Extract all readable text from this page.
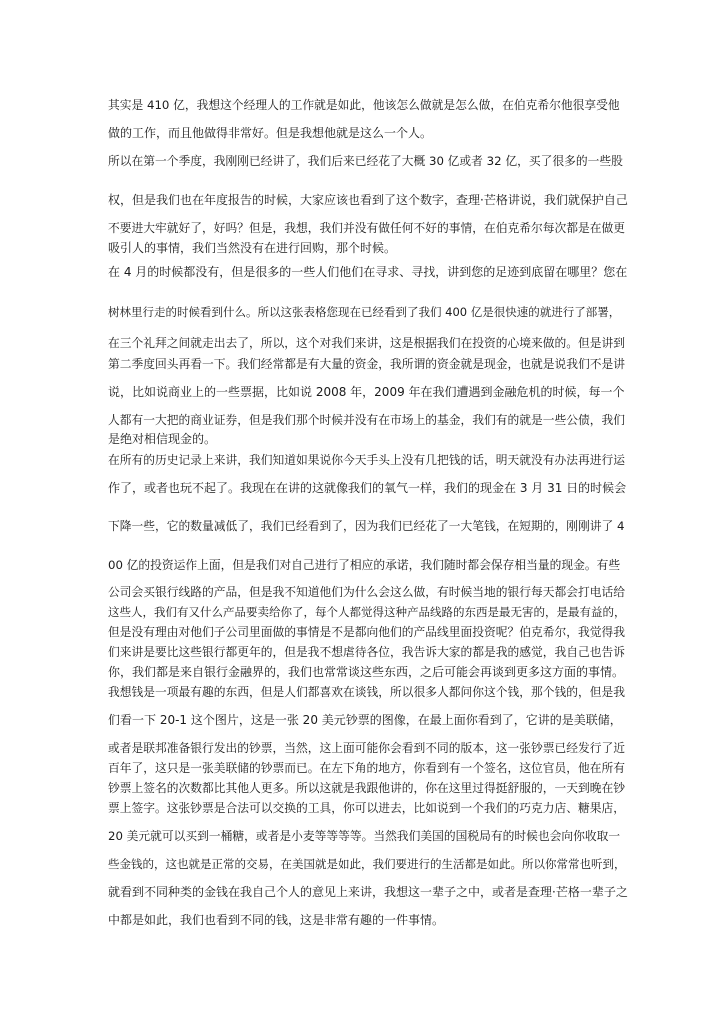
其实是 410 亿，我想这个经理人的工作就是如此，他该怎么做就是怎么做，在伯克希尔他很享受他

做的工作，而且他做得非常好。但是我想他就是这么一个人。

所以在第一个季度，我刚刚已经讲了，我们后来已经花了大概 30 亿或者 32 亿，买了很多的一些股

权，但是我们也在年度报告的时候，大家应该也看到了这个数字，查理·芒格讲说，我们就保护自己

不要进大牢就好了，好吗？但是，我想，我们并没有做任何不好的事情，在伯克希尔每次都是在做更

吸引人的事情，我们当然没有在进行回购，那个时候。

在 4 月的时候都没有，但是很多的一些人们他们在寻求、寻找，讲到您的足迹到底留在哪里？您在

树林里行走的时候看到什么。所以这张表格您现在已经看到了我们 400 亿是很快速的就进行了部署，

在三个礼拜之间就走出去了，所以，这个对我们来讲，这是根据我们在投资的心境来做的。但是讲到

第二季度回头再看一下。我们经常都是有大量的资金，我所谓的资金就是现金，也就是说我们不是讲

说，比如说商业上的一些票据，比如说 2008 年，2009 年在我们遭遇到金融危机的时候，每一个

人都有一大把的商业证券，但是我们那个时候并没有在市场上的基金，我们有的就是一些公债，我们

是绝对相信现金的。

在所有的历史记录上来讲，我们知道如果说你今天手头上没有几把钱的话，明天就没有办法再进行运

作了，或者也玩不起了。我现在在讲的这就像我们的氧气一样，我们的现金在 3 月 31 日的时候会

下降一些，它的数量减低了，我们已经看到了，因为我们已经花了一大笔钱，在短期的，刚刚讲了 4

00 亿的投资运作上面，但是我们对自己进行了相应的承诺，我们随时都会保存相当量的现金。有些

公司会买银行线路的产品，但是我不知道他们为什么会这么做，有时候当地的银行每天都会打电话给

这些人，我们有又什么产品要卖给你了，每个人都觉得这种产品线路的东西是最无害的，是最有益的，

但是没有理由对他们子公司里面做的事情是不是都向他们的产品线里面投资呢？伯克希尔，我觉得我

们来讲是要比这些银行都更年的，但是我不想虐待各位，我告诉大家的都是我的感觉，我自己也告诉

你，我们都是来自银行金融界的，我们也常常谈这些东西，之后可能会再谈到更多这方面的事情。

我想钱是一项最有趣的东西，但是人们都喜欢在谈钱，所以很多人都问你这个钱，那个钱的，但是我

们看一下 20-1 这个图片，这是一张 20 美元钞票的图像，在最上面你看到了，它讲的是美联储，

或者是联邦准备银行发出的钞票，当然，这上面可能你会看到不同的版本，这一张钞票已经发行了近

百年了，这只是一张美联储的钞票而已。在左下角的地方，你看到有一个签名，这位官员，他在所有

钞票上签名的次数都比其他人更多。所以这就是我跟他讲的，你在这里过得挺舒服的，一天到晚在钞

票上签字。这张钞票是合法可以交换的工具，你可以进去，比如说到一个我们的巧克力店、糖果店，

20 美元就可以买到一桶糖，或者是小麦等等等等。当然我们美国的国税局有的时候也会向你收取一

些金钱的，这也就是正常的交易，在美国就是如此，我们要进行的生活都是如此。所以你常常也听到，

就看到不同种类的金钱在我自己个人的意见上来讲，我想这一辈子之中，或者是查理·芒格一辈子之

中都是如此，我们也看到不同的钱，这是非常有趣的一件事情。
